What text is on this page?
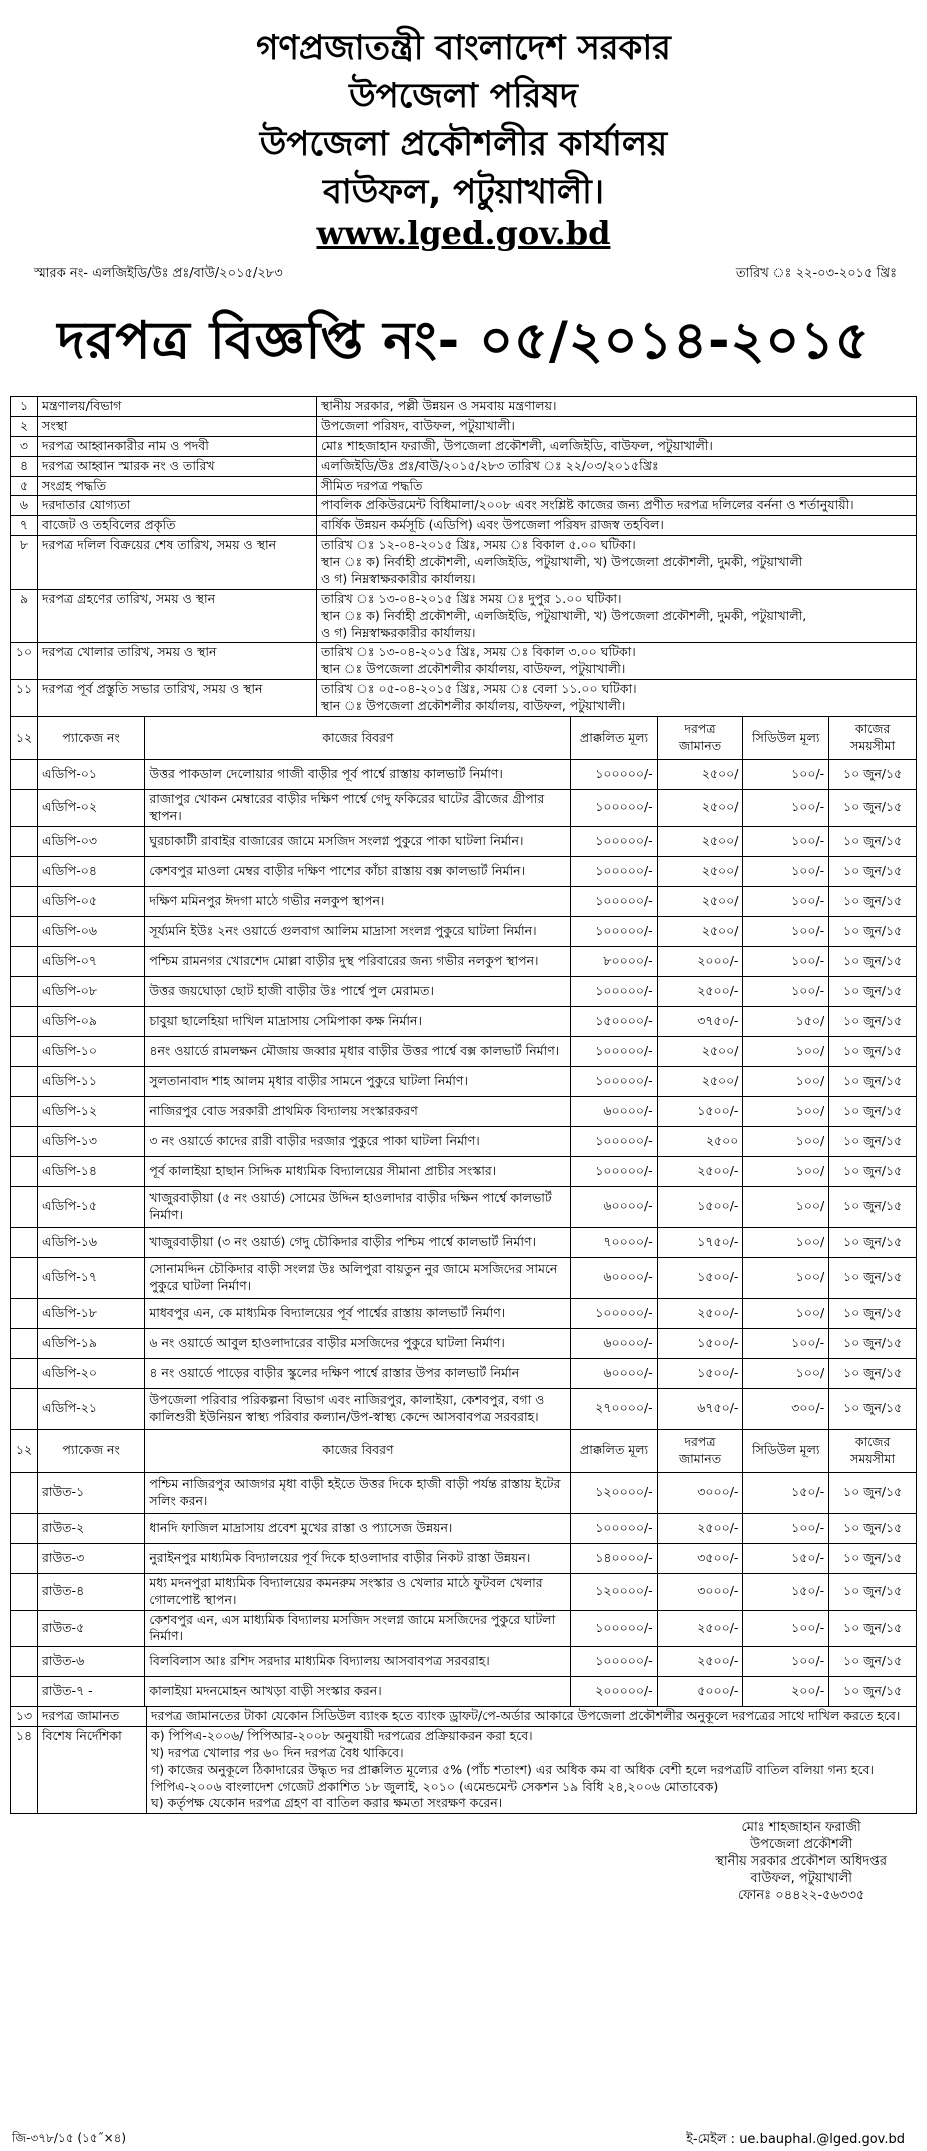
গণপ্রজাতন্ত্রী বাংলাদেশ সরকার
উপজেলা পরিষদ
উপজেলা প্রকৌশলীর কার্যালয়
বাউফল, পটুয়াখালী।
www.lged.gov.bd
স্মারক নং- এলজিইডি/উঃ প্রঃ/বাউ/২০১৫/২৮৩	তারিখ ঃ ২২-০৩-২০১৫ খ্রিঃ
দরপত্র বিজ্ঞপ্তি নং- ০৫/২০১৪-২০১৫
১	মন্ত্রণালয়/বিভাগ	স্থানীয় সরকার, পল্লী উন্নয়ন ও সমবায় মন্ত্রণালয়।
২	সংস্থা	উপজেলা পরিষদ, বাউফল, পটুয়াখালী।
৩	দরপত্র আহ্বানকারীর নাম ও পদবী	মোঃ শাহজাহান ফরাজী, উপজেলা প্রকৌশলী, এলজিইডি, বাউফল, পটুয়াখালী।
৪	দরপত্র আহ্বান স্মারক নং ও তারিখ	এলজিইডি/উঃ প্রঃ/বাউ/২০১৫/২৮৩ তারিখ ঃ ২২/০৩/২০১৫খ্রিঃ
৫	সংগ্রহ পদ্ধতি	সীমিত দরপত্র পদ্ধতি
৬	দরদাতার যোগ্যতা	পাবলিক প্রকিউরমেন্ট বিধিমালা/২০০৮ এবং সংশ্লিষ্ট কাজের জন্য প্রণীত দরপত্র দলিলের বর্ননা ও শর্তানুযায়ী।
৭	বাজেট ও তহবিলের প্রকৃতি	বার্ষিক উন্নয়ন কর্মসূচি (এডিপি) এবং উপজেলা পরিষদ রাজস্ব তহবিল।
৮	দরপত্র দলিল বিক্রয়ের শেষ তারিখ, সময় ও স্থান	তারিখ ঃ ১২-০৪-২০১৫ খ্রিঃ, সময় ঃ বিকাল ৫.০০ ঘটিকা।
স্থান ঃ ক) নির্বাহী প্রকৌশলী, এলজিইডি, পটুয়াখালী, খ) উপজেলা প্রকৌশলী, দুমকী, পটুয়াখালী
ও গ) নিম্নস্বাক্ষরকারীর কার্যালয়।
৯	দরপত্র গ্রহণের তারিখ, সময় ও স্থান	তারিখ ঃ ১৩-০৪-২০১৫ খ্রিঃ সময় ঃ দুপুর ১.০০ ঘটিকা।
স্থান ঃ ক) নির্বাহী প্রকৌশলী, এলজিইডি, পটুয়াখালী, খ) উপজেলা প্রকৌশলী, দুমকী, পটুয়াখালী,
ও গ) নিম্নস্বাক্ষরকারীর কার্যালয়।
১০	দরপত্র খোলার তারিখ, সময় ও স্থান	তারিখ ঃ ১৩-০৪-২০১৫ খ্রিঃ, সময় ঃ বিকাল ৩.০০ ঘটিকা।
স্থান ঃ উপজেলা প্রকৌশলীর কার্যালয়, বাউফল, পটুয়াখালী।
১১	দরপত্র পূর্ব প্রস্তুতি সভার তারিখ, সময় ও স্থান	তারিখ ঃ ০৫-০৪-২০১৫ খ্রিঃ, সময় ঃ বেলা ১১.০০ ঘটিকা।
স্থান ঃ উপজেলা প্রকৌশলীর কার্যালয়, বাউফল, পটুয়াখালী।
১২	প্যাকেজ নং	কাজের বিবরণ	প্রাক্কলিত মূল্য	দরপত্র জামানত	সিডিউল মূল্য	কাজের সময়সীমা
	এডিপি-০১	উত্তর পাকডাল দেলোয়ার গাজী বাড়ীর পূর্ব পার্শ্বে রাস্তায় কালভার্ট নির্মাণ।	১০০০০০/-	২৫০০/	১০০/-	১০ জুন/১৫
	এডিপি-০২	রাজাপুর খোকন মেম্বারের বাড়ীর দক্ষিণ পার্শ্বে গেদু ফকিরের ঘাটের ব্রীজের গ্রীপার স্থাপন।	১০০০০০/-	২৫০০/	১০০/-	১০ জুন/১৫
	এডিপি-০৩	ঘুরচাকাটী রাবাইর বাজারের জামে মসজিদ সংলগ্ন পুকুরে পাকা ঘাটলা নির্মান।	১০০০০০/-	২৫০০/	১০০/-	১০ জুন/১৫
	এডিপি-০৪	কেশবপুর মাওলা মেম্বর বাড়ীর দক্ষিণ পাশের কাঁচা রাস্তায় বক্স কালভার্ট নির্মান।	১০০০০০/-	২৫০০/	১০০/-	১০ জুন/১৫
	এডিপি-০৫	দক্ষিণ মমিনপুর ঈদগা মাঠে গভীর নলকুপ স্থাপন।	১০০০০০/-	২৫০০/	১০০/-	১০ জুন/১৫
	এডিপি-০৬	সূর্য্যমনি ইউঃ ২নং ওয়ার্ডে গুলবাগ আলিম মাদ্রাসা সংলগ্ন পুকুরে ঘাটলা নির্মান।	১০০০০০/-	২৫০০/	১০০/-	১০ জুন/১৫
	এডিপি-০৭	পশ্চিম রামনগর খোরশেদ মোল্লা বাড়ীর দুস্থ পরিবারের জন্য গভীর নলকুপ স্থাপন।	৮০০০০/-	২০০০/-	১০০/-	১০ জুন/১৫
	এডিপি-০৮	উত্তর জয়ঘোড়া ছোট হাজী বাড়ীর উঃ পার্শ্বে পুল মেরামত।	১০০০০০/-	২৫০০/-	১০০/-	১০ জুন/১৫
	এডিপি-০৯	চাবুয়া ছালেহিয়া দাখিল মাদ্রাসায় সেমিপাকা কক্ষ নির্মান।	১৫০০০০/-	৩৭৫০/-	১৫০/	১০ জুন/১৫
	এডিপি-১০	৪নং ওয়ার্ডে রামলক্ষন মৌজায় জব্বার মৃধার বাড়ীর উত্তর পার্শ্বে বক্স কালভার্ট নির্মাণ।	১০০০০০/-	২৫০০/	১০০/	১০ জুন/১৫
	এডিপি-১১	সুলতানাবাদ শাহ আলম মৃধার বাড়ীর সামনে পুকুরে ঘাটলা নির্মাণ।	১০০০০০/-	২৫০০/	১০০/	১০ জুন/১৫
	এডিপি-১২	নাজিরপুর বোড সরকারী প্রাথমিক বিদ্যালয় সংস্কারকরণ	৬০০০০/-	১৫০০/-	১০০/	১০ জুন/১৫
	এডিপি-১৩	৩ নং ওয়ার্ডে কাদের রারী বাড়ীর দরজার পুকুরে পাকা ঘাটলা নির্মাণ।	১০০০০০/-	২৫০০	১০০/	১০ জুন/১৫
	এডিপি-১৪	পূর্ব কালাইয়া হাছান সিদ্দিক মাধ্যমিক বিদ্যালয়ের সীমানা প্রাচীর সংস্কার।	১০০০০০/-	২৫০০/-	১০০/	১০ জুন/১৫
	এডিপি-১৫	খাজুরবাড়ীয়া (৫ নং ওয়ার্ড) সোমের উদ্দিন হাওলাদার বাড়ীর দক্ষিন পার্শ্বে কালভার্ট নির্মাণ।	৬০০০০/-	১৫০০/-	১০০/	১০ জুন/১৫
	এডিপি-১৬	খাজুরবাড়ীয়া (৩ নং ওয়ার্ড) গেদু চৌকিদার বাড়ীর পশ্চিম পার্শ্বে কালভার্ট নির্মাণ।	৭০০০০/-	১৭৫০/-	১০০/	১০ জুন/১৫
	এডিপি-১৭	সোনামদ্দিন চৌকিদার বাড়ী সংলগ্ন উঃ অলিপুরা বায়তুন নুর জামে মসজিদের সামনে পুকুরে ঘাটলা নির্মাণ।	৬০০০০/-	১৫০০/-	১০০/	১০ জুন/১৫
	এডিপি-১৮	মাধবপুর এন, কে মাধ্যমিক বিদ্যালয়ের পূর্ব পার্শ্বের রাস্তায় কালভার্ট নির্মাণ।	১০০০০০/-	২৫০০/-	১০০/	১০ জুন/১৫
	এডিপি-১৯	৬ নং ওয়ার্ডে আবুল হাওলাদারের বাড়ীর মসজিদের পুকুরে ঘাটলা নির্মাণ।	৬০০০০/-	১৫০০/-	১০০/-	১০ জুন/১৫
	এডিপি-২০	৪ নং ওয়ার্ডে পাড়ের বাড়ীর স্কুলের দক্ষিণ পার্শ্বে রাস্তার উপর কালভার্ট নির্মান	৬০০০০/-	১৫০০/-	১০০/	১০ জুন/১৫
	এডিপি-২১	উপজেলা পরিবার পরিকল্পনা বিভাগ এবং নাজিরপুর, কালাইয়া, কেশবপুর, বগা ও কালিশুরী ইউনিয়ন স্বাস্থ্য পরিবার কল্যান/উপ-স্বাস্থ্য কেন্দে আসবাবপত্র সরবরাহ।	২৭০০০০/-	৬৭৫০/-	৩০০/-	১০ জুন/১৫
১২	প্যাকেজ নং	কাজের বিবরণ	প্রাক্কলিত মূল্য	দরপত্র জামানত	সিডিউল মূল্য	কাজের সময়সীমা
	রাউত-১	পশ্চিম নাজিরপুর আজগর মৃধা বাড়ী হইতে উত্তর দিকে হাজী বাড়ী পর্যন্ত রাস্তায় ইটের সলিং করন।	১২০০০০/-	৩০০০/-	১৫০/-	১০ জুন/১৫
	রাউত-২	ধানদি ফাজিল মাদ্রাসায় প্রবেশ মুখের রাস্তা ও প্যাসেজ উন্নয়ন।	১০০০০০/-	২৫০০/-	১০০/-	১০ জুন/১৫
	রাউত-৩	নুরাইনপুর মাধ্যমিক বিদ্যালয়ের পূর্ব দিকে হাওলাদার বাড়ীর নিকট রাস্তা উন্নয়ন।	১৪০০০০/-	৩৫০০/-	১৫০/-	১০ জুন/১৫
	রাউত-৪	মধ্য মদনপুরা মাধ্যমিক বিদ্যালয়ের কমনরুম সংস্কার ও খেলার মাঠে ফুটবল খেলার গোলপোষ্ট স্থাপন।	১২০০০০/-	৩০০০/-	১৫০/-	১০ জুন/১৫
	রাউত-৫	কেশবপুর এন, এস মাধ্যমিক বিদ্যালয় মসজিদ সংলগ্ন জামে মসজিদের পুকুরে ঘাটলা নির্মাণ।	১০০০০০/-	২৫০০/-	১০০/-	১০ জুন/১৫
	রাউত-৬	বিলবিলাস আঃ রশিদ সরদার মাধ্যমিক বিদ্যালয় আসবাবপত্র সরবরাহ।	১০০০০০/-	২৫০০/-	১০০/-	১০ জুন/১৫
	রাউত-৭ -	কালাইয়া মদনমোহন আখড়া বাড়ী সংস্কার করন।	২০০০০০/-	৫০০০/-	২০০/-	১০ জুন/১৫
১৩	দরপত্র জামানত	দরপত্র জামানতের টাকা যেকোন সিডিউল ব্যাংক হতে ব্যাংক ড্রাফট/পে-অর্ডার আকারে উপজেলা প্রকৌশলীর অনুকূলে দরপত্রের সাথে দাখিল করতে হবে।
১৪	বিশেষ নির্দেশিকা	ক) পিপিএ-২০০৬/ পিপিআর-২০০৮ অনুযায়ী দরপত্রের প্রক্রিয়াকরন করা হবে।
খ) দরপত্র খোলার পর ৬০ দিন দরপত্র বৈধ থাকিবে।
গ) কাজের অনুকূলে ঠিকাদারের উদ্ধৃত দর প্রাক্কলিত মূল্যের ৫% (পাঁচ শতাংশ) এর অধিক কম বা অধিক বেশী হলে দরপত্রটি বাতিল বলিয়া গন্য হবে। পিপিএ-২০০৬ বাংলাদেশ গেজেট প্রকাশিত ১৮ জুলাই, ২০১০ (এমেন্ডমেন্ট সেকশন ১৯ বিধি ২৪,২০০৬ মোতাবেক)
ঘ) কর্তৃপক্ষ যেকোন দরপত্র গ্রহণ বা বাতিল করার ক্ষমতা সংরক্ষণ করেন।
মোঃ শাহজাহান ফরাজী
উপজেলা প্রকৌশলী
স্থানীয় সরকার প্রকৌশল অধিদপ্তর
বাউফল, পটুয়াখালী
ফোনঃ ০৪৪২২-৫৬৩৩৫
জি-৩৭৮/১৫ (১৫˝×৪)	ই-মেইল : ue.bauphal.@lged.gov.bd
